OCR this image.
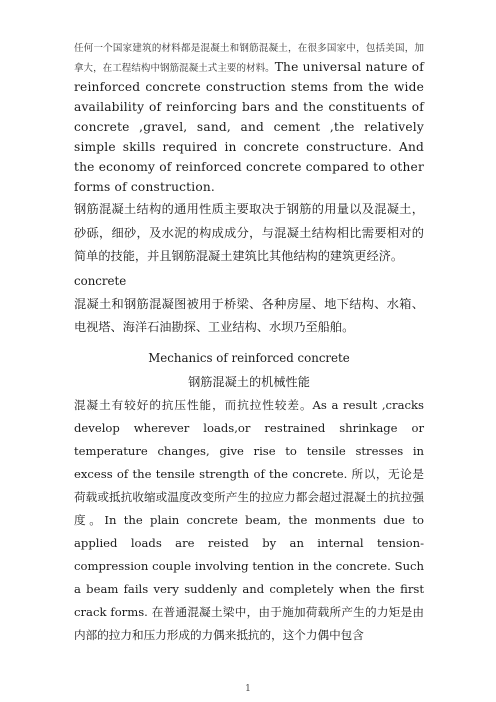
任何一个国家建筑的材料都是混凝土和钢筋混凝土，在很多国家中，包括美国，加拿大，在工程结构中钢筋混凝土式主要的材料。The universal nature of reinforced concrete construction stems from the wide availability of reinforcing bars and the constituents of concrete ,gravel, sand, and cement ,the relatively simple skills required in concrete constructure. And the economy of reinforced concrete compared to other forms of construction.

钢筋混凝土结构的通用性质主要取决于钢筋的用量以及混凝土，砂砾，细砂，及水泥的构成成分，与混凝土结构相比需要相对的简单的技能，并且钢筋混凝土建筑比其他结构的建筑更经济。

concrete

混凝土和钢筋混凝图被用于桥梁、各种房屋、地下结构、水箱、电视塔、海洋石油勘探、工业结构、水坝乃至船舶。

Mechanics of reinforced concrete

钢筋混凝土的机械性能

混凝土有较好的抗压性能，而抗拉性较差。As a result ,cracks develop wherever loads,or restrained shrinkage or temperature changes, give rise to tensile stresses in excess of the tensile strength of the concrete. 所以，无论是荷载或抵抗收缩或温度改变所产生的拉应力都会超过混凝土的抗拉强度。In the plain concrete beam, the monments due to applied loads are reisted by an internal tension-compression couple involving tention in the concrete. Such a beam fails very suddenly and completely when the first crack forms. 在普通混凝土梁中，由于施加荷载所产生的力矩是由内部的拉力和压力形成的力偶来抵抗的，这个力偶中包含

1
